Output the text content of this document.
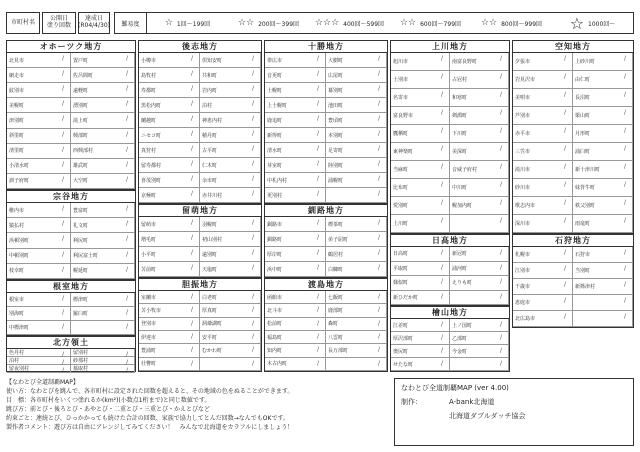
市町村名	公開日
塗り回数
達成日
(R04/4/30)	難易度	☆ 1回～199回	☆☆ 200回～399回 ☆☆☆ 400回～599回 ☆☆ 600回～799回 ☆☆ 800回～999回 ☆ 1000回～
オホーツク地方
北見市	/ 置戸町	/
網走市	/ 佐呂間町	/
紋別市	/ 遠軽町	/
美幌町	/ 湧別町	/
津別町	/ 滝上町	/
斜里町	/ 興部町	/
清里町	/ 西興部村	/
小清水町	/ 雄武町	/
訓子府町	/ 大空町	/
宗谷地方
稚内市	/ 豊富町	/
猿払村	/ 礼文町	/
浜頓別町	/ 利尻町	/
中頓別町	/ 利尻富士町	/
枝幸町	/ 幌延町	/
根室地方
根室市	/ 標津町	/
別海町	/ 羅臼町	/
中標津町	/	/
北方領土
色丹村	/ 留別村	/
泊村	/ 紗那村	/
留夜別村	/ 蘂取村	/
後志地方
小樽市	/ 倶知安町	/
島牧村	/ 共和町	/
寿都町	/ 岩内町	/
黒松内町	/ 泊村	/
蘭越町	/ 神恵内村	/
ニセコ町	/ 積丹町	/
真狩村	/ 古平町	/
留寿都村	/ 仁木町	/
喜茂別町	/ 余市町	/
京極町	/ 赤井川村	/
留萌地方
留萌市	/ 羽幌町	/
増毛町	/ 初山別村	/
小平町	/ 遠別町	/
苫前町	/ 天塩町	/
胆振地方
室蘭市	/ 白老町	/
苫小牧市	/ 厚真町	/
登別市	/ 洞爺湖町	/
伊達市	/ 安平町	/
豊浦町	/ むかわ町	/
壮瞥町	/	/
十勝地方
帯広市	/ 大樹町	/
音更町	/ 広尾町	/
士幌町	/ 幕別町	/
上士幌町	/ 池田町	/
鹿追町	/ 豊頃町	/
新得町	/ 本別町	/
清水町	/ 足寄町	/
芽室町	/ 陸別町	/
中札内村	/ 浦幌町	/
更別村	/	/
釧路地方
釧路市	/ 標茶町	/
釧路町	/ 弟子屈町	/
厚岸町	/ 鶴居村	/
浜中町	/ 白糠町	/
渡島地方
函館市	/ 七飯町	/
北斗市	/ 鹿部町	/
松前町	/ 森町	/
福島町	/ 八雲町	/
知内町	/ 長万部町	/
木古内町	/	/
上川地方
旭川市	/ 南富良野町	/
士別市	/ 占冠村	/
名寄市	/ 和寒町	/
富良野市	/ 剣淵町	/
鷹栖町	/ 下川町	/
東神楽町	/ 美深町	/
当麻町	/ 音威子府村	/
比布町	/ 中川町	/
愛別町	/ 幌加内町	/
上川町	/	/
日高地方
日高町	/ 新冠町	/
平取町	/ 浦河町	/
様似町	/ えりも町	/
新ひだか町	/	/
檜山地方
江差町	/ 上ノ国町	/
厚沢部町	/ 乙部町	/
奥尻町	/ 今金町	/
せたな町	/	/
空知地方
夕張市	/ 上砂川町	/
岩見沢市	/ 由仁町	/
美唄市	/ 長沼町	/
芦別市	/ 栗山町	/
赤平市	/ 月形町	/
三笠市	/ 浦臼町	/
滝川市	/ 新十津川町	/
砂川市	/ 妹背牛町	/
歌志内市	/ 秩父別町	/
深川市	/ 雨竜町	/
石狩地方
札幌市	/ 石狩市	/
江別市	/ 当別町	/
千歳市	/ 新篠津村	/
恵庭市	/	/
北広島市	/	/
【なわとび全道制覇MAP】
使い方：なわとびを跳んで、各市町村に設定された回数を超えると、その地域の色をぬることができます。
目　標：各市町村をいくつ塗れるか(km²)(小数点1桁まで)と同じ数値です。
跳び方：前とび・後ろとび・あやとび・二重とび・三重とび・かえとびなど
約束ごと：連続とび、ひっかかっても続けた合計の回数、家族で協力してとんだ回数→なんでもOKです。
製作者コメント：遊び方は自由にアレンジしてみてください！　みんなで北海道をカラフルにしましょう！
なわとび全道制覇MAP (ver 4.00)
制作：	A-bank北海道
北海道ダブルダッチ協会
